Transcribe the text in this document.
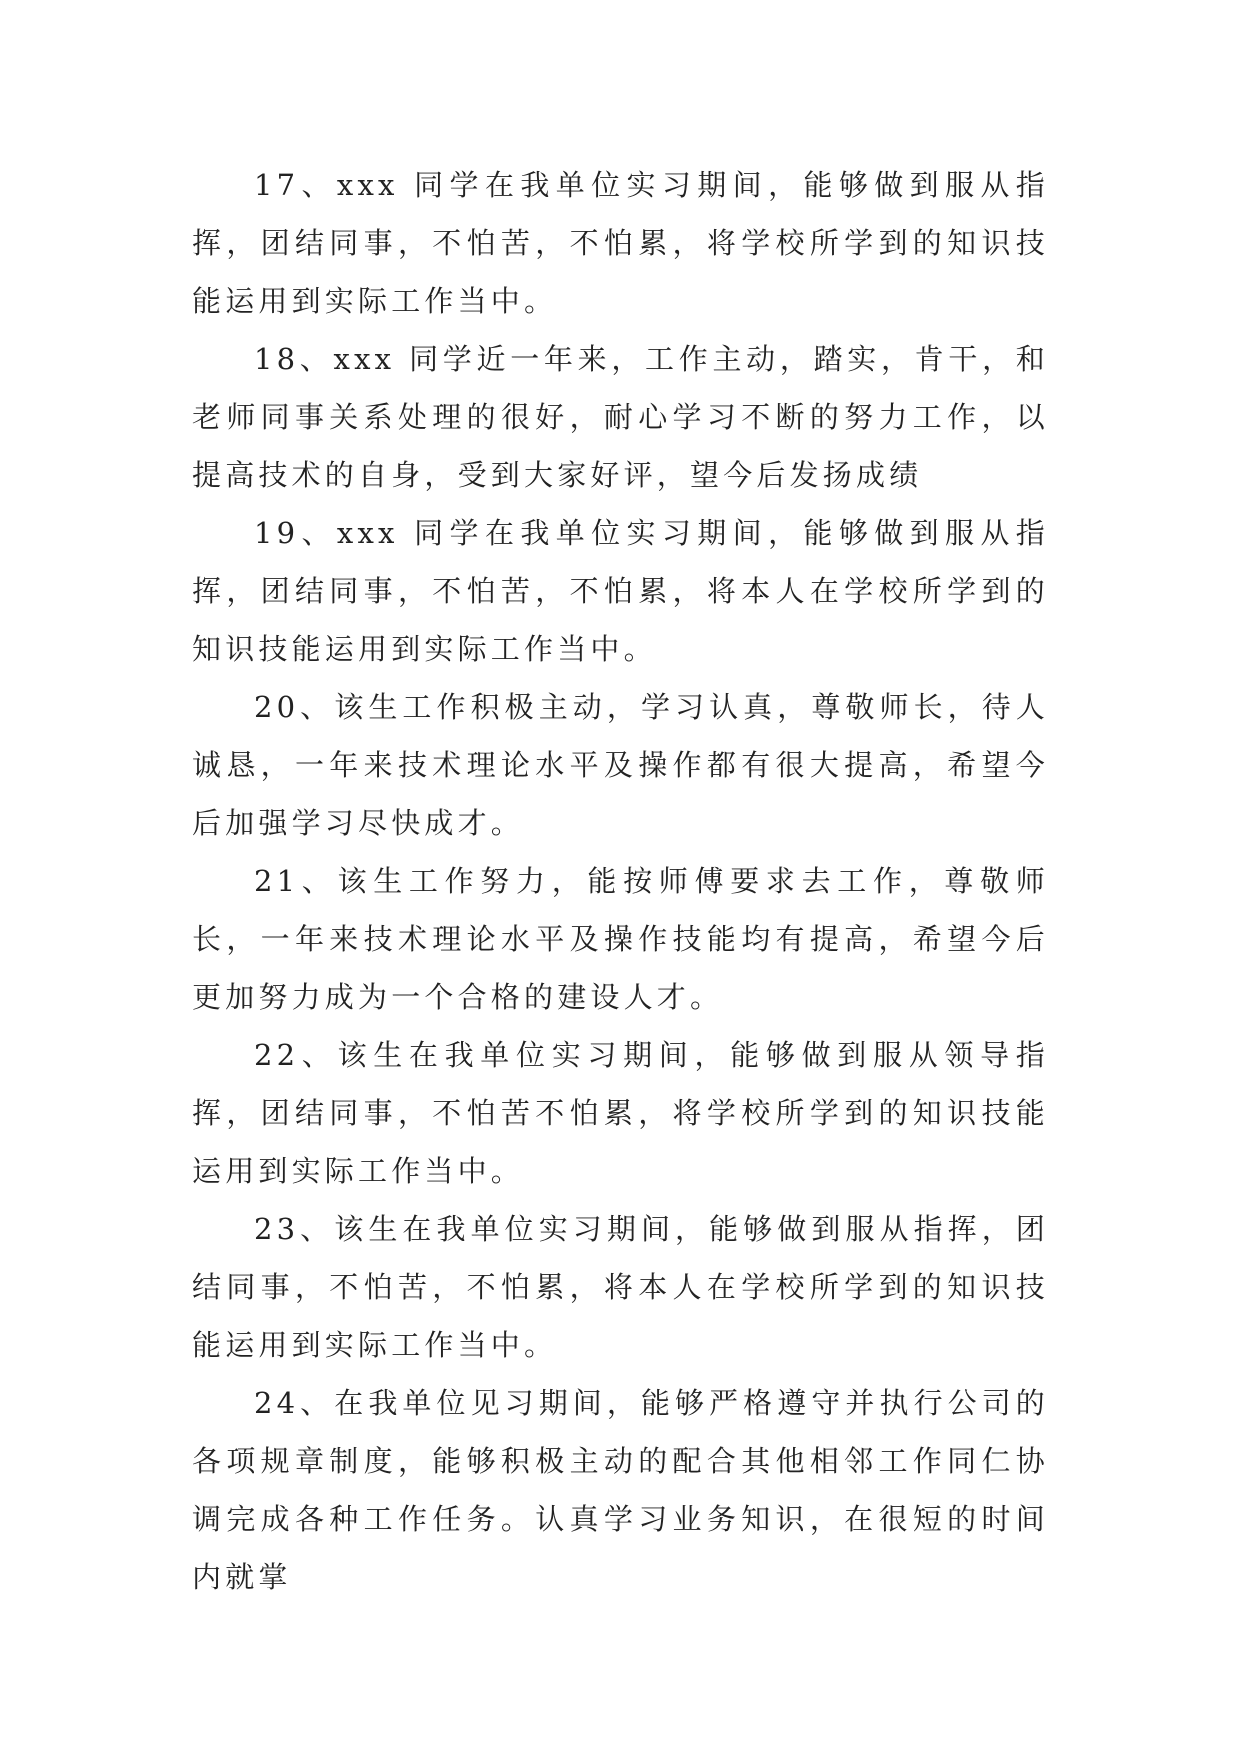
17、xxx 同学在我单位实习期间，能够做到服从指挥，团结同事，不怕苦，不怕累，将学校所学到的知识技能运用到实际工作当中。

18、xxx 同学近一年来，工作主动，踏实，肯干，和老师同事关系处理的很好，耐心学习不断的努力工作，以提高技术的自身，受到大家好评，望今后发扬成绩

19、xxx 同学在我单位实习期间，能够做到服从指挥，团结同事，不怕苦，不怕累，将本人在学校所学到的知识技能运用到实际工作当中。

20、该生工作积极主动，学习认真，尊敬师长，待人诚恳，一年来技术理论水平及操作都有很大提高，希望今后加强学习尽快成才。

21、该生工作努力，能按师傅要求去工作，尊敬师长，一年来技术理论水平及操作技能均有提高，希望今后更加努力成为一个合格的建设人才。

22、该生在我单位实习期间，能够做到服从领导指挥，团结同事，不怕苦不怕累，将学校所学到的知识技能运用到实际工作当中。

23、该生在我单位实习期间，能够做到服从指挥，团结同事，不怕苦，不怕累，将本人在学校所学到的知识技能运用到实际工作当中。

24、在我单位见习期间，能够严格遵守并执行公司的各项规章制度，能够积极主动的配合其他相邻工作同仁协调完成各种工作任务。认真学习业务知识，在很短的时间内就掌
